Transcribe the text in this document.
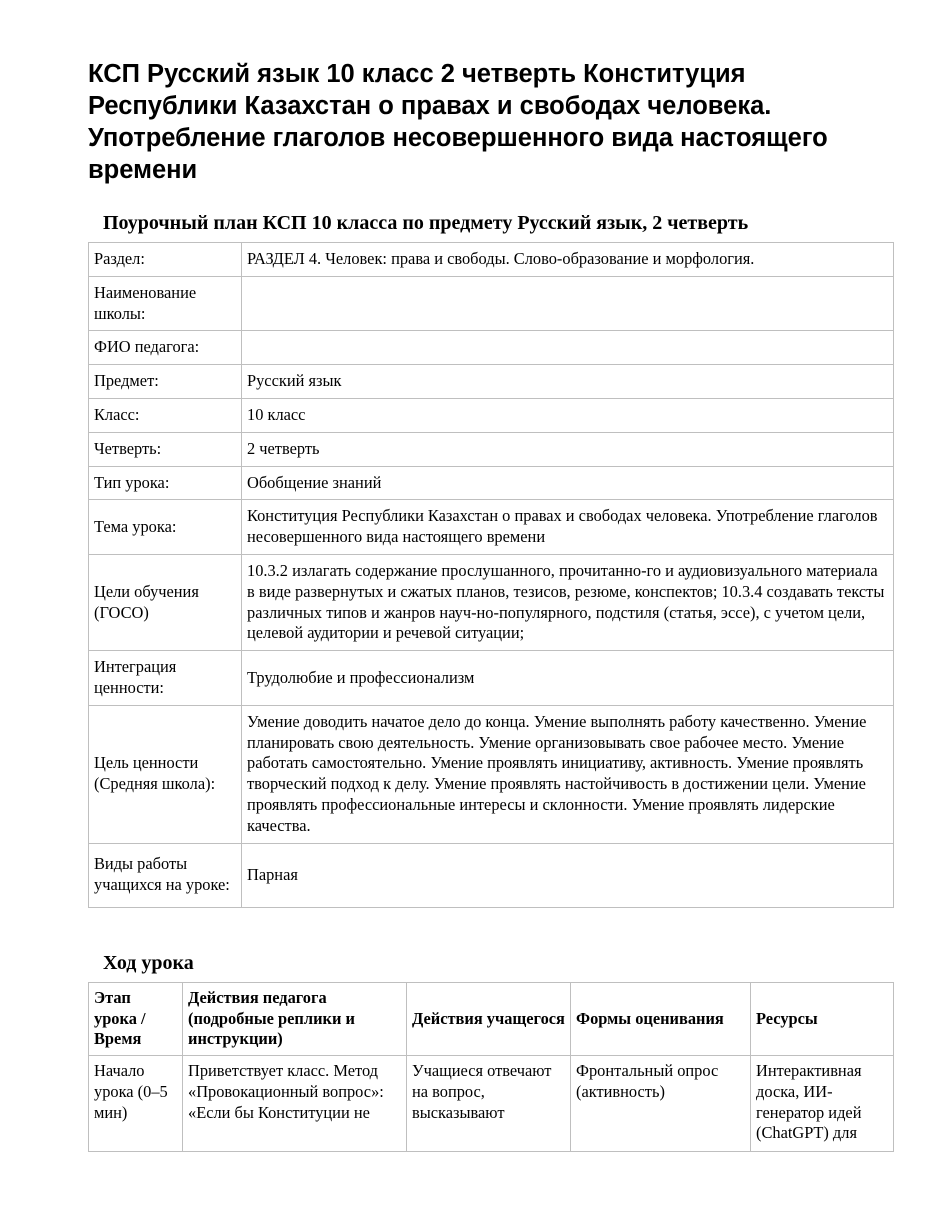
КСП Русский язык 10 класс 2 четверть Конституция Республики Казахстан о правах и свободах человека. Употребление глаголов несовершенного вида настоящего времени
Поурочный план КСП 10 класса по предмету Русский язык, 2 четверть
Раздел:	РАЗДЕЛ 4. Человек: права и свободы. Слово-образование и морфология.
Наименование школы:	
ФИО педагога:	
Предмет:	Русский язык
Класс:	10 класс
Четверть:	2 четверть
Тип урока:	Обобщение знаний
Тема урока:	Конституция Республики Казахстан о правах и свободах человека. Употребление глаголов несовершенного вида настоящего времени
Цели обучения (ГОСО)	10.3.2 излагать содержание прослушанного, прочитанно-го и аудиовизуального материала в виде развернутых и сжатых планов, тезисов, резюме, конспектов; 10.3.4 создавать тексты различных типов и жанров науч-но-популярного, подстиля (статья, эссе), с учетом цели, целевой аудитории и речевой ситуации;
Интеграция ценности:	Трудолюбие и профессионализм
Цель ценности (Средняя школа):	Умение доводить начатое дело до конца. Умение выполнять работу качественно. Умение планировать свою деятельность. Умение организовывать свое рабочее место. Умение работать самостоятельно. Умение проявлять инициативу, активность. Умение проявлять творческий подход к делу. Умение проявлять настойчивость в достижении цели. Умение проявлять профессиональные интересы и склонности. Умение проявлять лидерские качества.
Виды работы учащихся на уроке:	Парная
Ход урока
Этап урока / Время	Действия педагога (подробные реплики и инструкции)	Действия учащегося	Формы оценивания	Ресурсы
Начало урока (0–5 мин)	Приветствует класс. Метод «Провокационный вопрос»: «Если бы Конституции не	Учащиеся отвечают на вопрос, высказывают	Фронтальный опрос (активность)	Интерактивная доска, ИИ-генератор идей (ChatGPT) для
